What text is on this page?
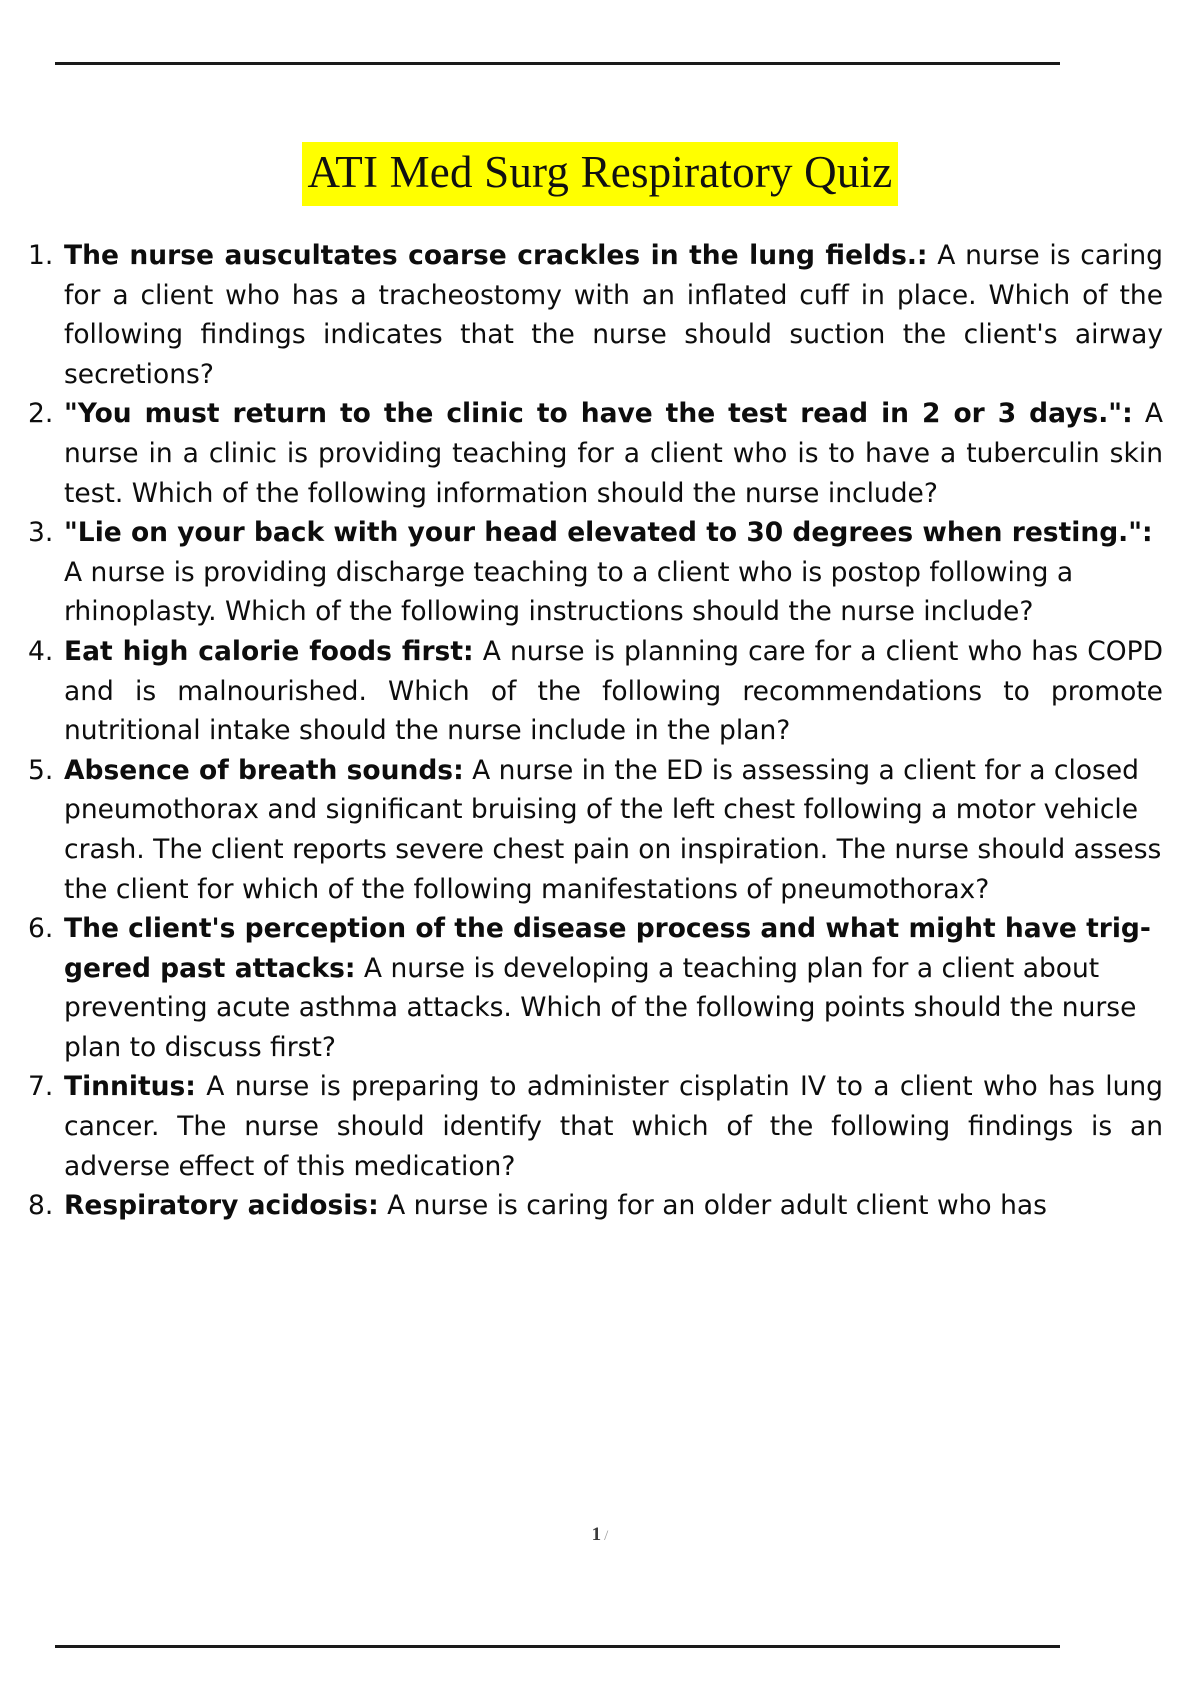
ATI Med Surg Respiratory Quiz
The nurse auscultates coarse crackles in the lung fields.: A nurse is caring for a client who has a tracheostomy with an inflated cuff in place. Which of the following findings indicates that the nurse should suction the client's airway secretions?
"You must return to the clinic to have the test read in 2 or 3 days.": A nurse in a clinic is providing teaching for a client who is to have a tuberculin skin test. Which of the following information should the nurse include?
"Lie on your back with your head elevated to 30 degrees when resting.": A nurse is providing discharge teaching to a client who is postop following a rhinoplasty. Which of the following instructions should the nurse include?
Eat high calorie foods first: A nurse is planning care for a client who has COPD and is malnourished. Which of the following recommendations to promote nutritional intake should the nurse include in the plan?
Absence of breath sounds: A nurse in the ED is assessing a client for a closed pneumothorax and significant bruising of the left chest following a motor vehicle crash. The client reports severe chest pain on inspiration. The nurse should assess the client for which of the following manifestations of pneumothorax?
The client's perception of the disease process and what might have trig-gered past attacks: A nurse is developing a teaching plan for a client about preventing acute asthma attacks. Which of the following points should the nurse plan to discuss first?
Tinnitus: A nurse is preparing to administer cisplatin IV to a client who has lung cancer. The nurse should identify that which of the following findings is an adverse effect of this medication?
Respiratory acidosis: A nurse is caring for an older adult client who has
1 /
